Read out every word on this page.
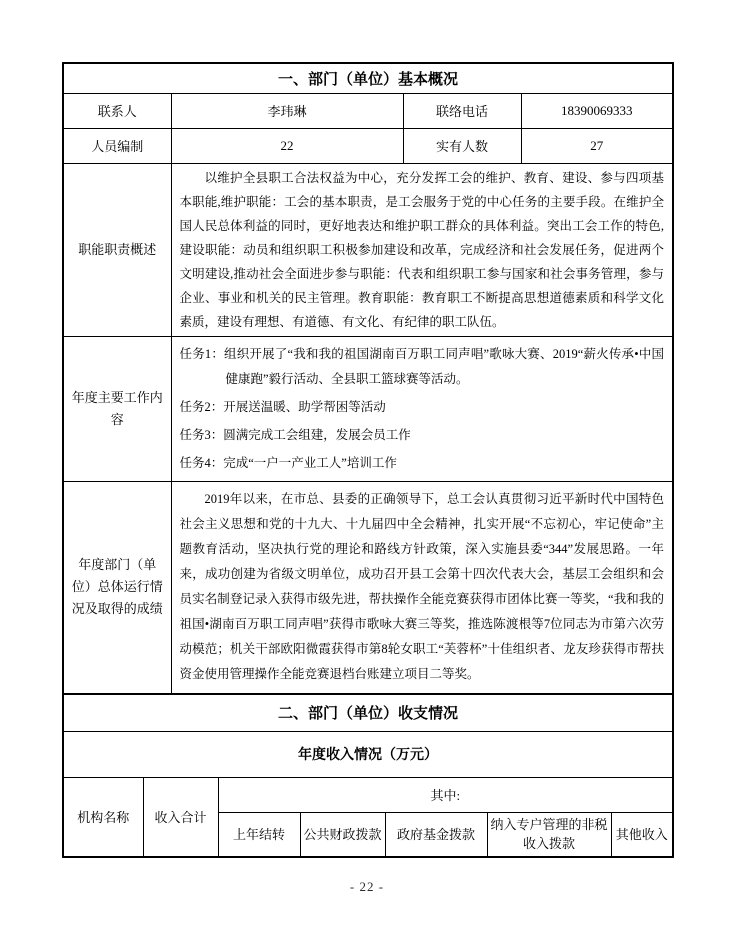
一、部门（单位）基本概况			
联系人	李玮琳	联络电话	18390069333
人员编制	22	实有人数	27
职能职责概述	以维护全县职工合法权益为中心，充分发挥工会的维护、教育、建设、参与四项基本职能,维护职能：工会的基本职责，是工会服务于党的中心任务的主要手段。在维护全国人民总体利益的同时，更好地表达和维护职工群众的具体利益。突出工会工作的特色,建设职能：动员和组织职工积极参加建设和改革，完成经济和社会发展任务，促进两个文明建设,推动社会全面进步参与职能：代表和组织职工参与国家和社会事务管理，参与企业、事业和机关的民主管理。教育职能：教育职工不断提高思想道德素质和科学文化素质，建设有理想、有道德、有文化、有纪律的职工队伍。		

年度主要工作内容	任务1：组织开展了“我和我的祖国湖南百万职工同声唱”歌咏大赛、2019“薪火传承•中国健康跑”毅行活动、全县职工篮球赛等活动。

任务2：开展送温暖、助学帮困等活动

任务3：圆满完成工会组建，发展会员工作

任务4：完成“一户一产业工人”培训工作		

年度部门（单位）总体运行情况及取得的成绩	2019年以来，在市总、县委的正确领导下，总工会认真贯彻习近平新时代中国特色社会主义思想和党的十九大、十九届四中全会精神，扎实开展“不忘初心，牢记使命”主题教育活动，坚决执行党的理论和路线方针政策，深入实施县委“344”发展思路。一年来，成功创建为省级文明单位，成功召开县工会第十四次代表大会，基层工会组织和会员实名制登记录入获得市级先进，帮扶操作全能竞赛获得市团体比赛一等奖，“我和我的祖国•湖南百万职工同声唱”获得市歌咏大赛三等奖，推选陈渡根等7位同志为市第六次劳动模范；机关干部欧阳微霞获得市第8轮女职工“芙蓉杯”十佳组织者、龙友珍获得市帮扶资金使用管理操作全能竞赛退档台账建立项目二等奖。		

二、部门（单位）收支情况						
年度收入情况（万元）						
机构名称	收入合计	其中:				
		上年结转	公共财政拨款	政府基金拨款	纳入专户管理的非税收入拨款	其他收入
- 22 -
